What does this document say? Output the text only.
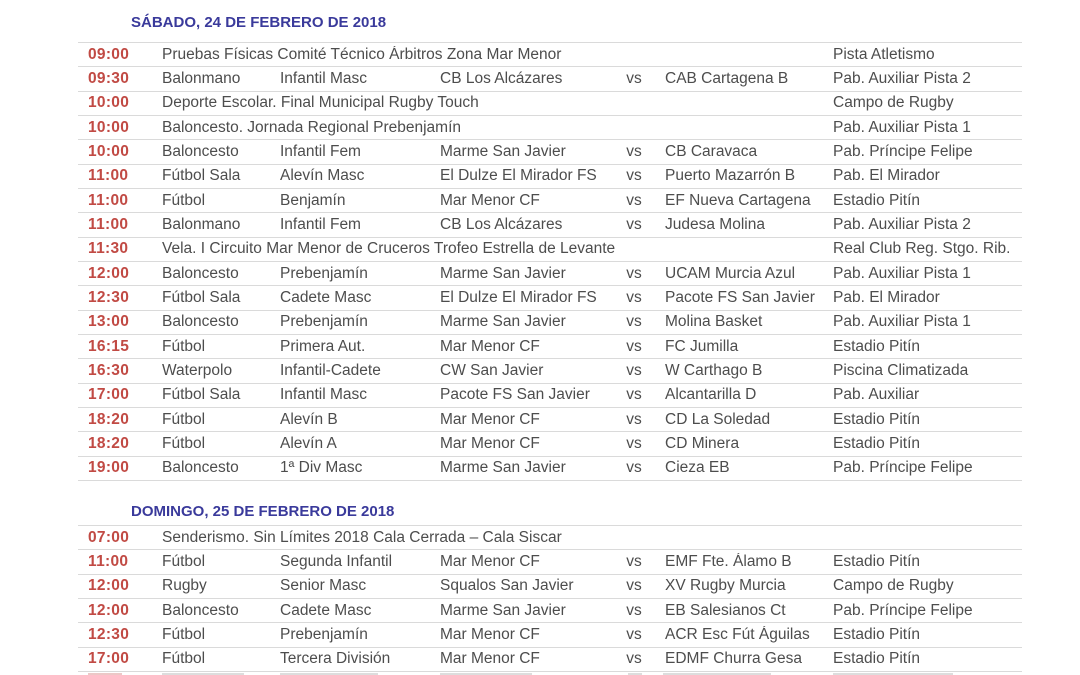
SÁBADO, 24 DE FEBRERO DE 2018
09:00	Pruebas Físicas Comité Técnico Árbitros Zona Mar Menor	Pista Atletismo
09:30	Balonmano	Infantil Masc	CB Los Alcázares	vs	CAB Cartagena B	Pab. Auxiliar Pista 2
10:00	Deporte Escolar. Final Municipal Rugby Touch	Campo de Rugby
10:00	Baloncesto. Jornada Regional Prebenjamín	Pab. Auxiliar Pista 1
10:00	Baloncesto	Infantil Fem	Marme San Javier	vs	CB Caravaca	Pab. Príncipe Felipe
11:00	Fútbol Sala	Alevín Masc	El Dulze El Mirador FS	vs	Puerto Mazarrón B	Pab. El Mirador
11:00	Fútbol	Benjamín	Mar Menor CF	vs	EF Nueva Cartagena	Estadio Pitín
11:00	Balonmano	Infantil Fem	CB Los Alcázares	vs	Judesa Molina	Pab. Auxiliar Pista 2
11:30	Vela. I Circuito Mar Menor de Cruceros Trofeo Estrella de Levante	Real Club Reg. Stgo. Rib.
12:00	Baloncesto	Prebenjamín	Marme San Javier	vs	UCAM Murcia Azul	Pab. Auxiliar Pista 1
12:30	Fútbol Sala	Cadete Masc	El Dulze El Mirador FS	vs	Pacote FS San Javier	Pab. El Mirador
13:00	Baloncesto	Prebenjamín	Marme San Javier	vs	Molina Basket	Pab. Auxiliar Pista 1
16:15	Fútbol	Primera Aut.	Mar Menor CF	vs	FC Jumilla	Estadio Pitín
16:30	Waterpolo	Infantil-Cadete	CW San Javier	vs	W Carthago B	Piscina Climatizada
17:00	Fútbol Sala	Infantil Masc	Pacote FS San Javier	vs	Alcantarilla D	Pab. Auxiliar
18:20	Fútbol	Alevín B	Mar Menor CF	vs	CD La Soledad	Estadio Pitín
18:20	Fútbol	Alevín A	Mar Menor CF	vs	CD Minera	Estadio Pitín
19:00	Baloncesto	1ª Div Masc	Marme San Javier	vs	Cieza EB	Pab. Príncipe Felipe
DOMINGO, 25 DE FEBRERO DE 2018
07:00	Senderismo. Sin Límites 2018 Cala Cerrada – Cala Siscar
11:00	Fútbol	Segunda Infantil	Mar Menor CF	vs	EMF Fte. Álamo B	Estadio Pitín
12:00	Rugby	Senior Masc	Squalos San Javier	vs	XV Rugby Murcia	Campo de Rugby
12:00	Baloncesto	Cadete Masc	Marme San Javier	vs	EB Salesianos Ct	Pab. Príncipe Felipe
12:30	Fútbol	Prebenjamín	Mar Menor CF	vs	ACR Esc Fút Águilas	Estadio Pitín
17:00	Fútbol	Tercera División	Mar Menor CF	vs	EDMF Churra Gesa	Estadio Pitín
